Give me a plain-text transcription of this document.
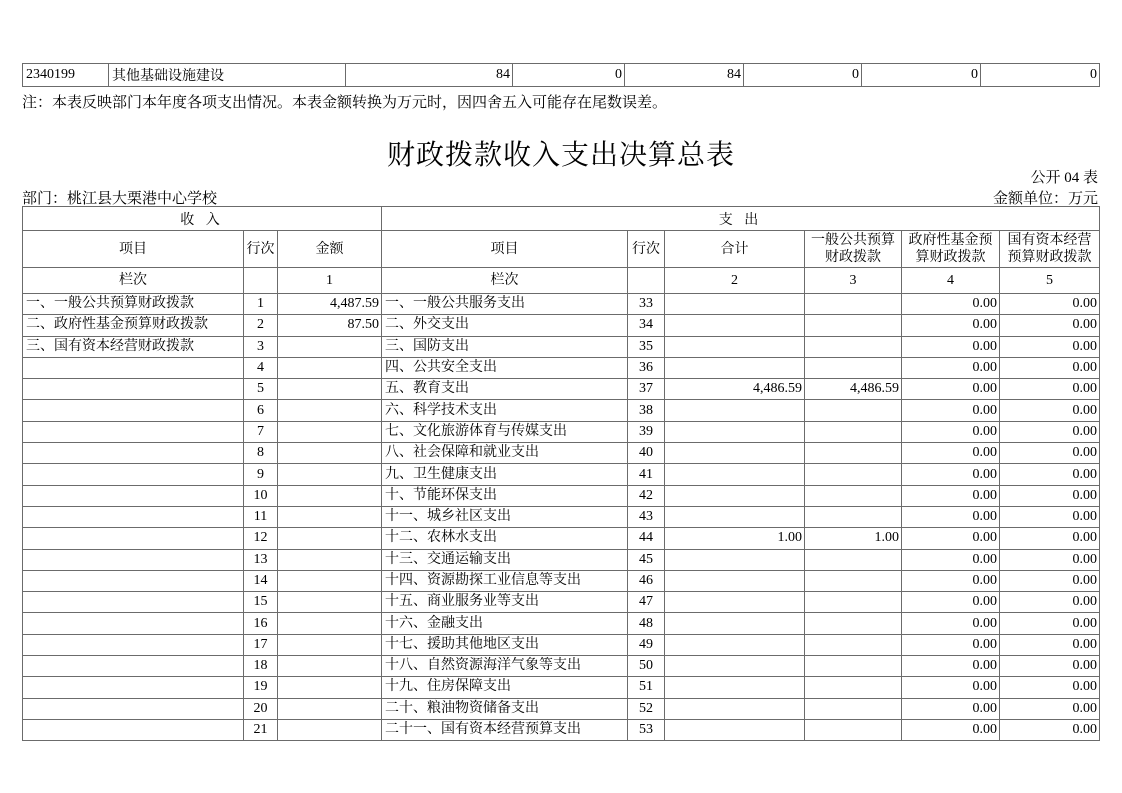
2340199	其他基础设施建设	84	0	84	0	0	0
注：本表反映部门本年度各项支出情况。本表金额转换为万元时，因四舍五入可能存在尾数误差。
财政拨款收入支出决算总表
公开 04 表
部门：桃江县大栗港中心学校	金额单位：万元
收 入			支 出					
项目	行次	金额	项目	行次	合计	一般公共预算财政拨款	政府性基金预算财政拨款	国有资本经营预算财政拨款
栏次		1	栏次		2	3	4	5
一、一般公共预算财政拨款	1	4,487.59	一、一般公共服务支出	33			0.00	0.00
二、政府性基金预算财政拨款	2	87.50	二、外交支出	34			0.00	0.00
三、国有资本经营财政拨款	3		三、国防支出	35			0.00	0.00
	4		四、公共安全支出	36			0.00	0.00
	5		五、教育支出	37	4,486.59	4,486.59	0.00	0.00
	6		六、科学技术支出	38			0.00	0.00
	7		七、文化旅游体育与传媒支出	39			0.00	0.00
	8		八、社会保障和就业支出	40			0.00	0.00
	9		九、卫生健康支出	41			0.00	0.00
	10		十、节能环保支出	42			0.00	0.00
	11		十一、城乡社区支出	43			0.00	0.00
	12		十二、农林水支出	44	1.00	1.00	0.00	0.00
	13		十三、交通运输支出	45			0.00	0.00
	14		十四、资源勘探工业信息等支出	46			0.00	0.00
	15		十五、商业服务业等支出	47			0.00	0.00
	16		十六、金融支出	48			0.00	0.00
	17		十七、援助其他地区支出	49			0.00	0.00
	18		十八、自然资源海洋气象等支出	50			0.00	0.00
	19		十九、住房保障支出	51			0.00	0.00
	20		二十、粮油物资储备支出	52			0.00	0.00
	21		二十一、国有资本经营预算支出	53			0.00	0.00
